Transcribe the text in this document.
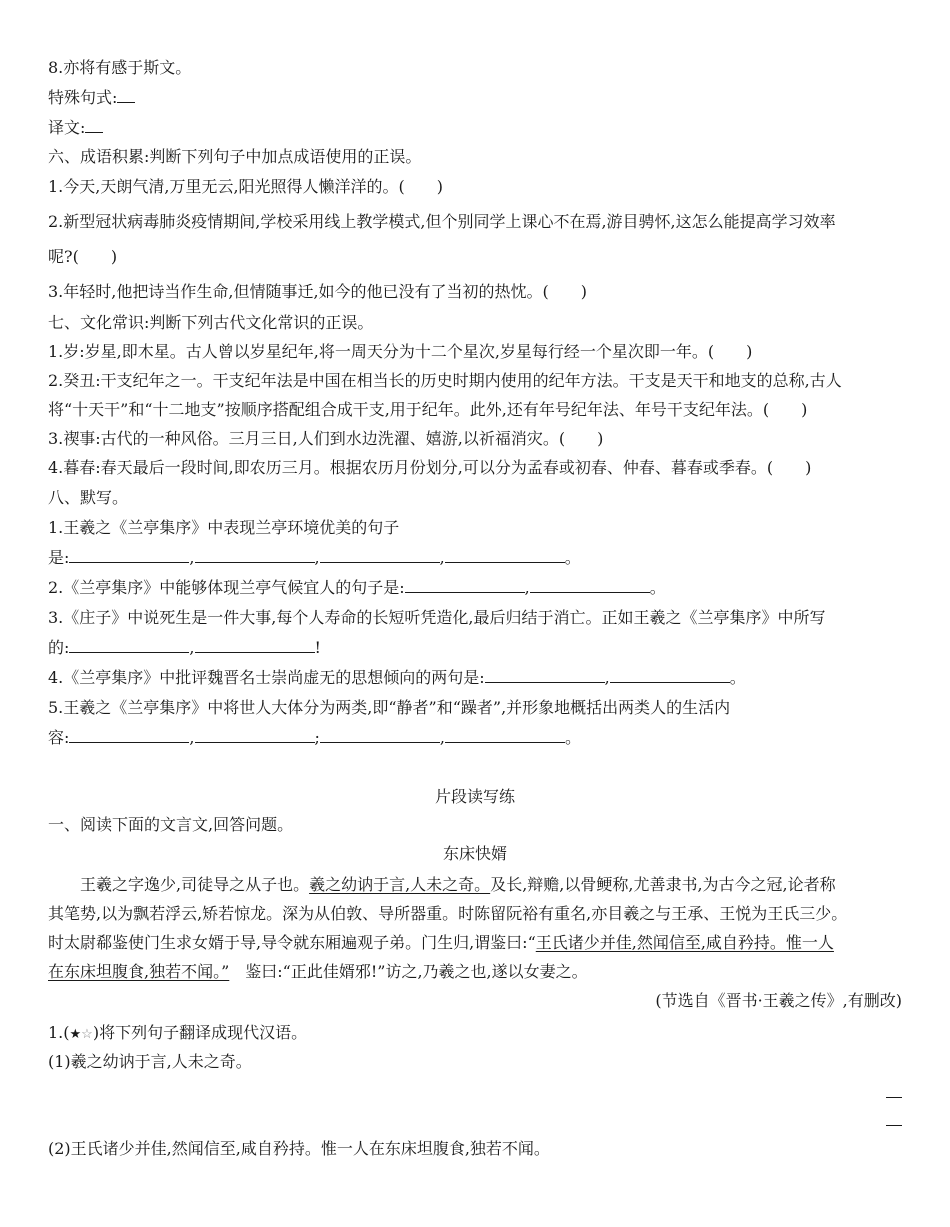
8.亦将有感于斯文。
特殊句式:
译文:
六、成语积累:判断下列句子中加点成语使用的正误。
1.今天,天朗气清,万里无云,阳光照得人懒洋洋的。(　　)
2.新型冠状病毒肺炎疫情期间,学校采用线上教学模式,但个别同学上课心不在焉,游目骋怀,这怎么能提高学习效率
呢?(　　)
3.年轻时,他把诗当作生命,但情随事迁,如今的他已没有了当初的热忱。(　　)
七、文化常识:判断下列古代文化常识的正误。
1.岁:岁星,即木星。古人曾以岁星纪年,将一周天分为十二个星次,岁星每行经一个星次即一年。(　　)
2.癸丑:干支纪年之一。干支纪年法是中国在相当长的历史时期内使用的纪年方法。干支是天干和地支的总称,古人
将“十天干”和“十二地支”按顺序搭配组合成干支,用于纪年。此外,还有年号纪年法、年号干支纪年法。(　　)
3.禊事:古代的一种风俗。三月三日,人们到水边洗濯、嬉游,以祈福消灾。(　　)
4.暮春:春天最后一段时间,即农历三月。根据农历月份划分,可以分为孟春或初春、仲春、暮春或季春。(　　)
八、默写。
1.王羲之《兰亭集序》中表现兰亭环境优美的句子
是:	,	,	,	。
2.《兰亭集序》中能够体现兰亭气候宜人的句子是:	,	。
3.《庄子》中说死生是一件大事,每个人寿命的长短听凭造化,最后归结于消亡。正如王羲之《兰亭集序》中所写
的:	,	!
4.《兰亭集序》中批评魏晋名士崇尚虚无的思想倾向的两句是:	,	。
5.王羲之《兰亭集序》中将世人大体分为两类,即“静者”和“躁者”,并形象地概括出两类人的生活内
容:	,	;	,	。
片段读写练
一、阅读下面的文言文,回答问题。
东床快婿
王羲之字逸少,司徒导之从子也。羲之幼讷于言,人未之奇。及长,辩赡,以骨鲠称,尤善隶书,为古今之冠,论者称
其笔势,以为飘若浮云,矫若惊龙。深为从伯敦、导所器重。时陈留阮裕有重名,亦目羲之与王承、王悦为王氏三少。
时太尉郗鉴使门生求女婿于导,导令就东厢遍观子弟。门生归,谓鉴曰:“王氏诸少并佳,然闻信至,咸自矜持。惟一人
在东床坦腹食,独若不闻。”　鉴曰:“正此佳婿邪!”访之,乃羲之也,遂以女妻之。
(节选自《晋书·王羲之传》,有删改)
1.(★☆)将下列句子翻译成现代汉语。
(1)羲之幼讷于言,人未之奇。
(2)王氏诸少并佳,然闻信至,咸自矜持。惟一人在东床坦腹食,独若不闻。
